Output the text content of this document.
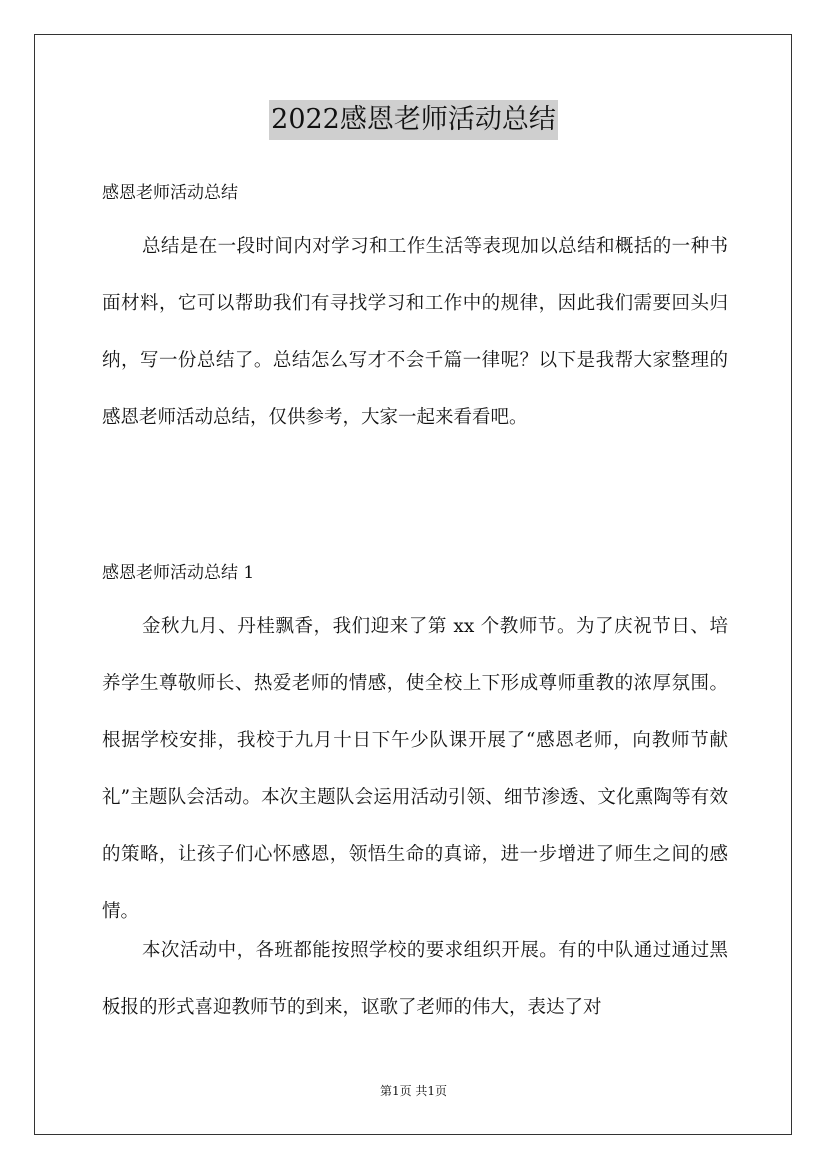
2022感恩老师活动总结
感恩老师活动总结
总结是在一段时间内对学习和工作生活等表现加以总结和概括的一种书面材料，它可以帮助我们有寻找学习和工作中的规律，因此我们需要回头归纳，写一份总结了。总结怎么写才不会千篇一律呢？以下是我帮大家整理的感恩老师活动总结，仅供参考，大家一起来看看吧。
感恩老师活动总结 1
金秋九月、丹桂飘香，我们迎来了第 xx 个教师节。为了庆祝节日、培养学生尊敬师长、热爱老师的情感，使全校上下形成尊师重教的浓厚氛围。根据学校安排，我校于九月十日下午少队课开展了“感恩老师，向教师节献礼”主题队会活动。本次主题队会运用活动引领、细节渗透、文化熏陶等有效的策略，让孩子们心怀感恩，领悟生命的真谛，进一步增进了师生之间的感情。
本次活动中，各班都能按照学校的要求组织开展。有的中队通过通过黑板报的形式喜迎教师节的到来，讴歌了老师的伟大，表达了对
第1页 共1页
